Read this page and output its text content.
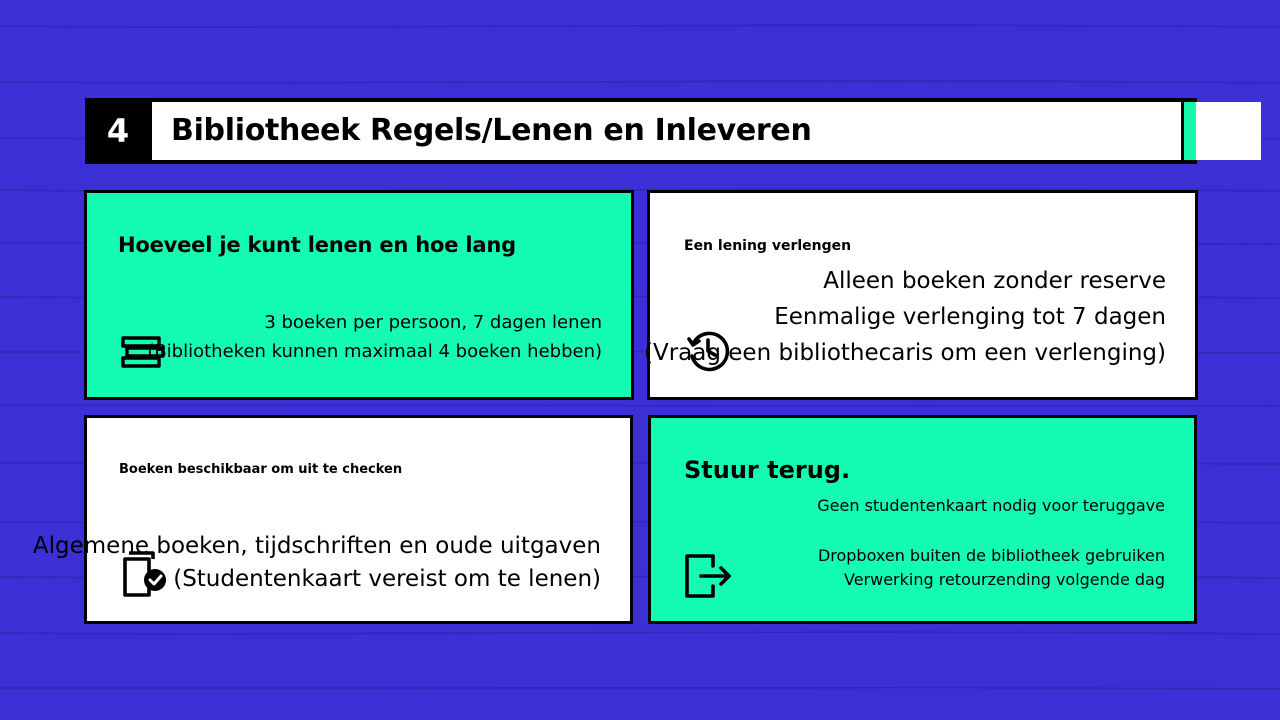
4	Bibliotheek Regels/Lenen en Inleveren
Hoeveel je kunt lenen en hoe lang
3 boeken per persoon, 7 dagen lenen
(Bibliotheken kunnen maximaal 4 boeken hebben)
Een lening verlengen
Alleen boeken zonder reserve
Eenmalige verlenging tot 7 dagen
(Vraag een bibliothecaris om een verlenging)
Boeken beschikbaar om uit te checken
Algemene boeken, tijdschriften en oude uitgaven
(Studentenkaart vereist om te lenen)
Stuur terug.
Geen studentenkaart nodig voor teruggave
Dropboxen buiten de bibliotheek gebruiken
Verwerking retourzending volgende dag
